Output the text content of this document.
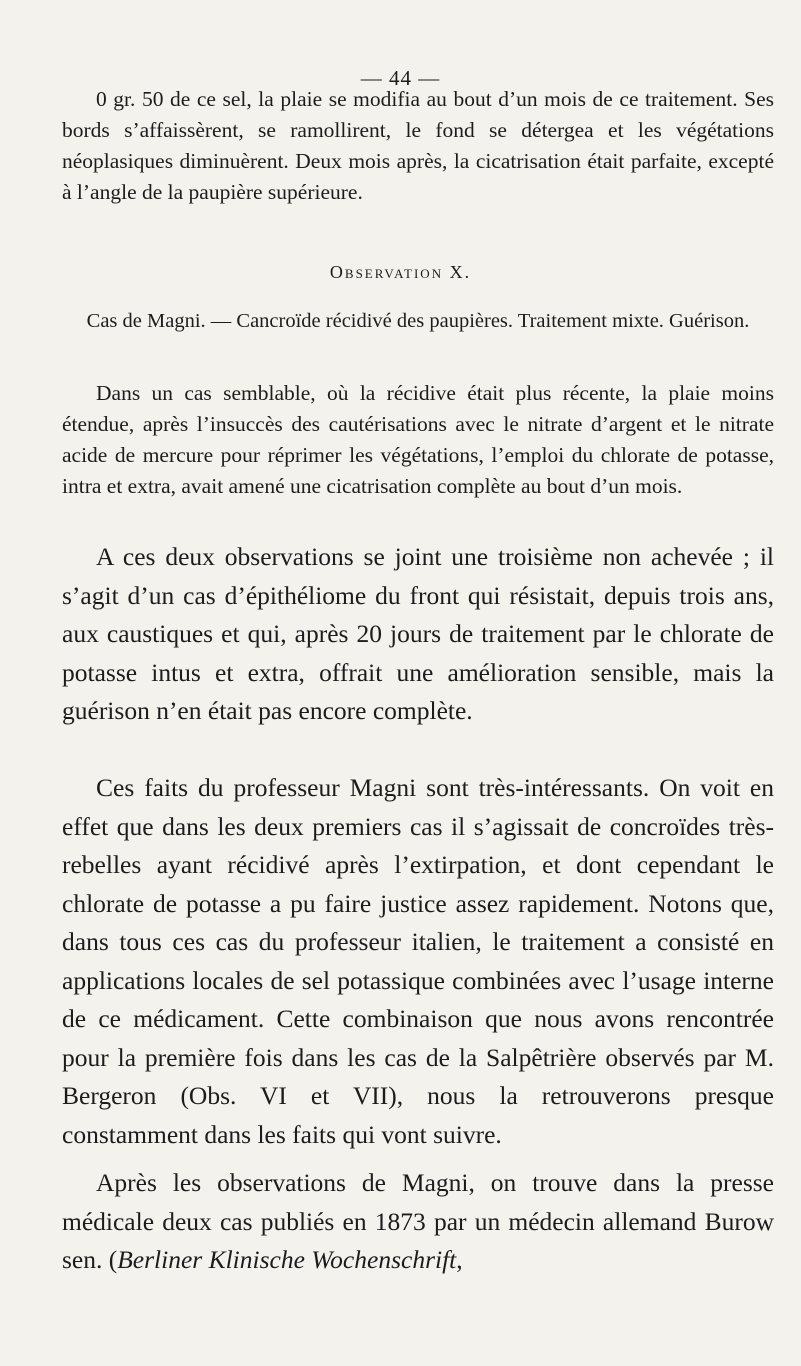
— 44 —

0 gr. 50 de ce sel, la plaie se modifia au bout d’un mois de ce traitement. Ses bords s’affaissèrent, se ramollirent, le fond se détergea et les végétations néoplasiques diminuèrent. Deux mois après, la cicatrisation était parfaite, excepté à l’angle de la paupière supérieure.

Observation X.
Cas de Magni. — Cancroïde récidivé des paupières. Traitement mixte. Guérison.

Dans un cas semblable, où la récidive était plus récente, la plaie moins étendue, après l’insuccès des cautérisations avec le nitrate d’argent et le nitrate acide de mercure pour réprimer les végétations, l’emploi du chlorate de potasse, intra et extra, avait amené une cicatrisation complète au bout d’un mois.

A ces deux observations se joint une troisième non achevée ; il s’agit d’un cas d’épithéliome du front qui résistait, depuis trois ans, aux caustiques et qui, après 20 jours de traitement par le chlorate de potasse intus et extra, offrait une amélioration sensible, mais la guérison n’en était pas encore complète.

Ces faits du professeur Magni sont très-intéressants. On voit en effet que dans les deux premiers cas il s’agissait de concroïdes très-rebelles ayant récidivé après l’extirpation, et dont cependant le chlorate de potasse a pu faire justice assez rapidement. Notons que, dans tous ces cas du professeur italien, le traitement a consisté en applications locales de sel potassique combinées avec l’usage interne de ce médicament. Cette combinaison que nous avons rencontrée pour la première fois dans les cas de la Salpêtrière observés par M. Bergeron (Obs. VI et VII), nous la retrouverons presque constamment dans les faits qui vont suivre.

Après les observations de Magni, on trouve dans la presse médicale deux cas publiés en 1873 par un médecin allemand Burow sen. (Berliner Klinische Wochenschrift,
